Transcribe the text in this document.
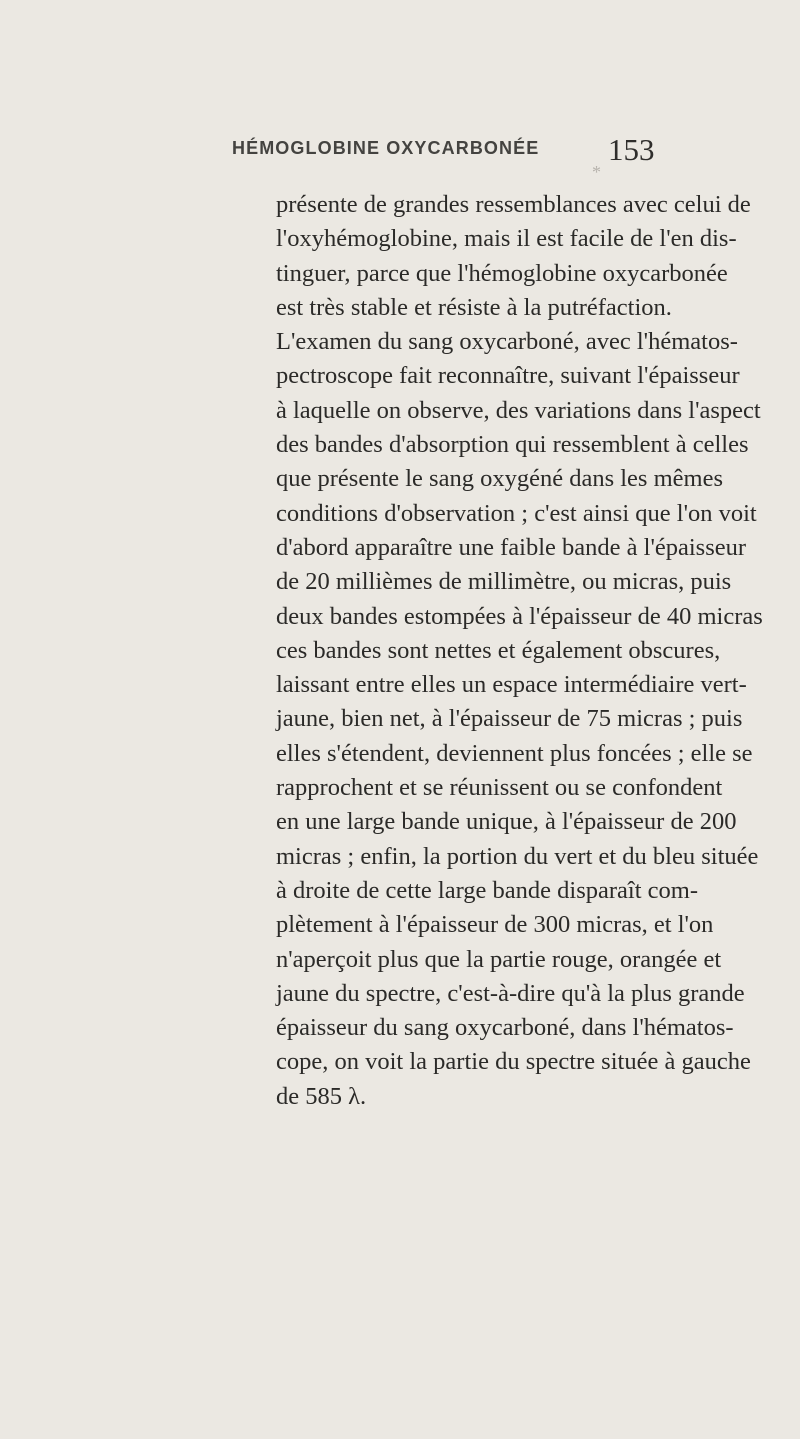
*
HÉMOGLOBINE OXYCARBONÉE 153
présente de grandes ressemblances avec celui de
l'oxyhémoglobine, mais il est facile de l'en dis-
tinguer, parce que l'hémoglobine oxycarbonée
est très stable et résiste à la putréfaction.
L'examen du sang oxycarboné, avec l'hématos-
pectroscope fait reconnaître, suivant l'épaisseur
à laquelle on observe, des variations dans l'aspect
des bandes d'absorption qui ressemblent à celles
que présente le sang oxygéné dans les mêmes
conditions d'observation ; c'est ainsi que l'on voit
d'abord apparaître une faible bande à l'épaisseur
de 20 millièmes de millimètre, ou micras, puis
deux bandes estompées à l'épaisseur de 40 micras
ces bandes sont nettes et également obscures,
laissant entre elles un espace intermédiaire vert-
jaune, bien net, à l'épaisseur de 75 micras ; puis
elles s'étendent, deviennent plus foncées ; elle se
rapprochent et se réunissent ou se confondent
en une large bande unique, à l'épaisseur de 200
micras ; enfin, la portion du vert et du bleu située
à droite de cette large bande disparaît com-
plètement à l'épaisseur de 300 micras, et l'on
n'aperçoit plus que la partie rouge, orangée et
jaune du spectre, c'est-à-dire qu'à la plus grande
épaisseur du sang oxycarboné, dans l'hématos-
cope, on voit la partie du spectre située à gauche
de 585 λ.
